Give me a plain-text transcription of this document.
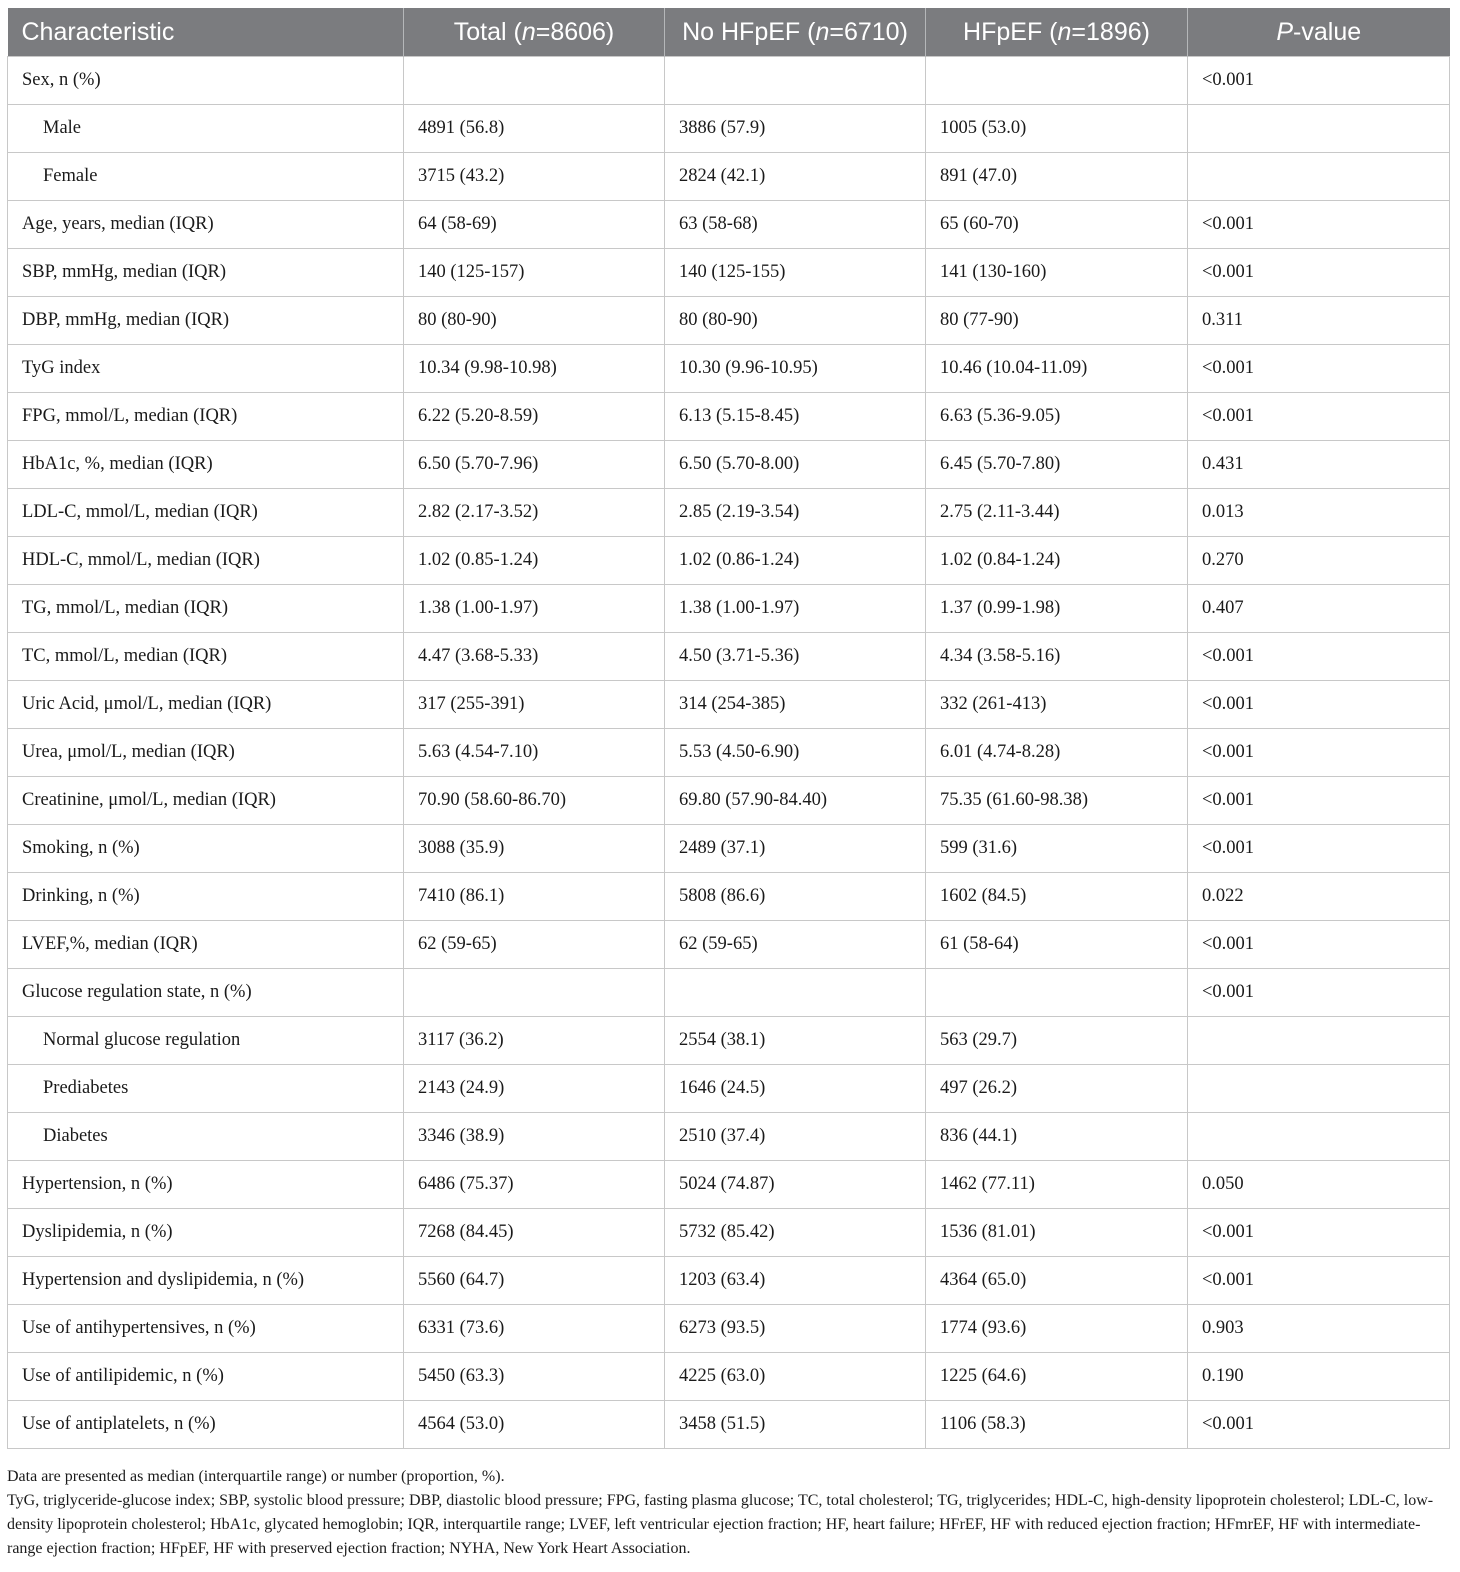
Characteristic	Total (n=8606)	No HFpEF (n=6710)	HFpEF (n=1896)	P-value
Sex, n (%)				<0.001
Male	4891 (56.8)	3886 (57.9)	1005 (53.0)	
Female	3715 (43.2)	2824 (42.1)	891 (47.0)	
Age, years, median (IQR)	64 (58-69)	63 (58-68)	65 (60-70)	<0.001
SBP, mmHg, median (IQR)	140 (125-157)	140 (125-155)	141 (130-160)	<0.001
DBP, mmHg, median (IQR)	80 (80-90)	80 (80-90)	80 (77-90)	0.311
TyG index	10.34 (9.98-10.98)	10.30 (9.96-10.95)	10.46 (10.04-11.09)	<0.001
FPG, mmol/L, median (IQR)	6.22 (5.20-8.59)	6.13 (5.15-8.45)	6.63 (5.36-9.05)	<0.001
HbA1c, %, median (IQR)	6.50 (5.70-7.96)	6.50 (5.70-8.00)	6.45 (5.70-7.80)	0.431
LDL-C, mmol/L, median (IQR)	2.82 (2.17-3.52)	2.85 (2.19-3.54)	2.75 (2.11-3.44)	0.013
HDL-C, mmol/L, median (IQR)	1.02 (0.85-1.24)	1.02 (0.86-1.24)	1.02 (0.84-1.24)	0.270
TG, mmol/L, median (IQR)	1.38 (1.00-1.97)	1.38 (1.00-1.97)	1.37 (0.99-1.98)	0.407
TC, mmol/L, median (IQR)	4.47 (3.68-5.33)	4.50 (3.71-5.36)	4.34 (3.58-5.16)	<0.001
Uric Acid, μmol/L, median (IQR)	317 (255-391)	314 (254-385)	332 (261-413)	<0.001
Urea, μmol/L, median (IQR)	5.63 (4.54-7.10)	5.53 (4.50-6.90)	6.01 (4.74-8.28)	<0.001
Creatinine, μmol/L, median (IQR)	70.90 (58.60-86.70)	69.80 (57.90-84.40)	75.35 (61.60-98.38)	<0.001
Smoking, n (%)	3088 (35.9)	2489 (37.1)	599 (31.6)	<0.001
Drinking, n (%)	7410 (86.1)	5808 (86.6)	1602 (84.5)	0.022
LVEF,%, median (IQR)	62 (59-65)	62 (59-65)	61 (58-64)	<0.001
Glucose regulation state, n (%)				<0.001
Normal glucose regulation	3117 (36.2)	2554 (38.1)	563 (29.7)	
Prediabetes	2143 (24.9)	1646 (24.5)	497 (26.2)	
Diabetes	3346 (38.9)	2510 (37.4)	836 (44.1)	
Hypertension, n (%)	6486 (75.37)	5024 (74.87)	1462 (77.11)	0.050
Dyslipidemia, n (%)	7268 (84.45)	5732 (85.42)	1536 (81.01)	<0.001
Hypertension and dyslipidemia, n (%)	5560 (64.7)	1203 (63.4)	4364 (65.0)	<0.001
Use of antihypertensives, n (%)	6331 (73.6)	6273 (93.5)	1774 (93.6)	0.903
Use of antilipidemic, n (%)	5450 (63.3)	4225 (63.0)	1225 (64.6)	0.190
Use of antiplatelets, n (%)	4564 (53.0)	3458 (51.5)	1106 (58.3)	<0.001

Data are presented as median (interquartile range) or number (proportion, %).

TyG, triglyceride-glucose index; SBP, systolic blood pressure; DBP, diastolic blood pressure; FPG, fasting plasma glucose; TC, total cholesterol; TG, triglycerides; HDL-C, high-density lipoprotein cholesterol; LDL-C, low-density lipoprotein cholesterol; HbA1c, glycated hemoglobin; IQR, interquartile range; LVEF, left ventricular ejection fraction; HF, heart failure; HFrEF, HF with reduced ejection fraction; HFmrEF, HF with intermediate-range ejection fraction; HFpEF, HF with preserved ejection fraction; NYHA, New York Heart Association.
